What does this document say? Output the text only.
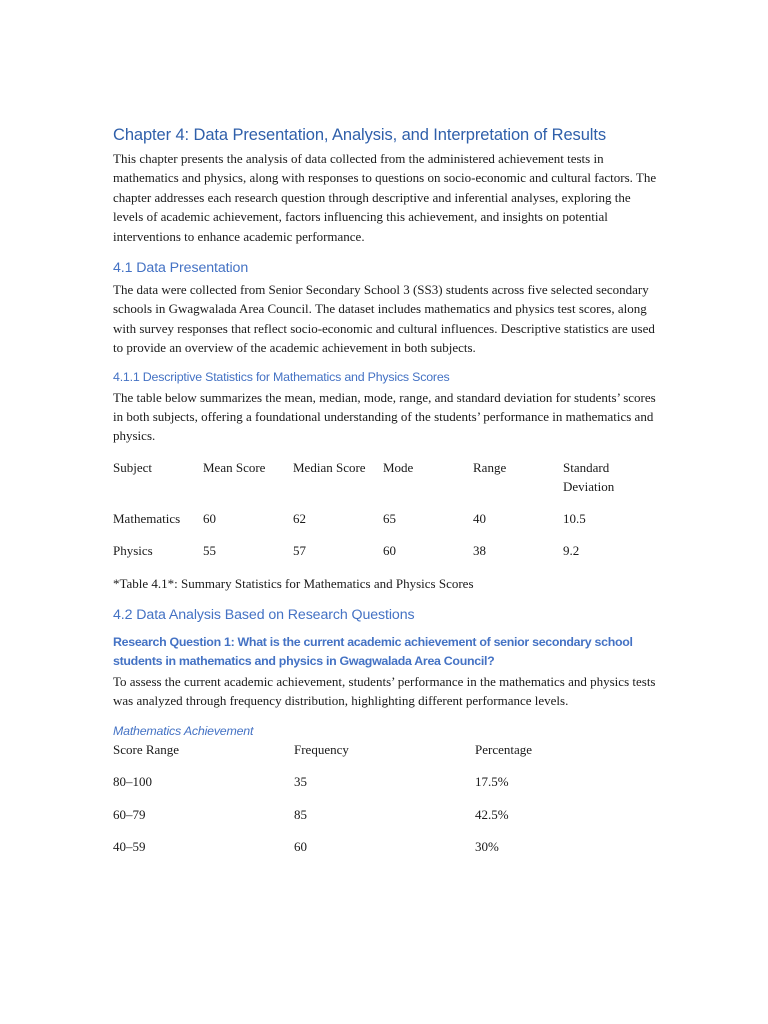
Chapter 4: Data Presentation, Analysis, and Interpretation of Results

This chapter presents the analysis of data collected from the administered achievement tests in mathematics and physics, along with responses to questions on socio-economic and cultural factors. The chapter addresses each research question through descriptive and inferential analyses, exploring the levels of academic achievement, factors influencing this achievement, and insights on potential interventions to enhance academic performance.

4.1 Data Presentation

The data were collected from Senior Secondary School 3 (SS3) students across five selected secondary schools in Gwagwalada Area Council. The dataset includes mathematics and physics test scores, along with survey responses that reflect socio-economic and cultural influences. Descriptive statistics are used to provide an overview of the academic achievement in both subjects.

4.1.1 Descriptive Statistics for Mathematics and Physics Scores

The table below summarizes the mean, median, mode, range, and standard deviation for students’ scores in both subjects, offering a foundational understanding of the students’ performance in mathematics and physics.

Subject	Mean Score	Median Score	Mode	Range	Standard Deviation
Mathematics	60	62	65	40	10.5
Physics	55	57	60	38	9.2

*Table 4.1*: Summary Statistics for Mathematics and Physics Scores

4.2 Data Analysis Based on Research Questions
Research Question 1: What is the current academic achievement of senior secondary school students in mathematics and physics in Gwagwalada Area Council?

To assess the current academic achievement, students’ performance in the mathematics and physics tests was analyzed through frequency distribution, highlighting different performance levels.

Mathematics Achievement
Score Range	Frequency	Percentage
80–100	35	17.5%
60–79	85	42.5%
40–59	60	30%
